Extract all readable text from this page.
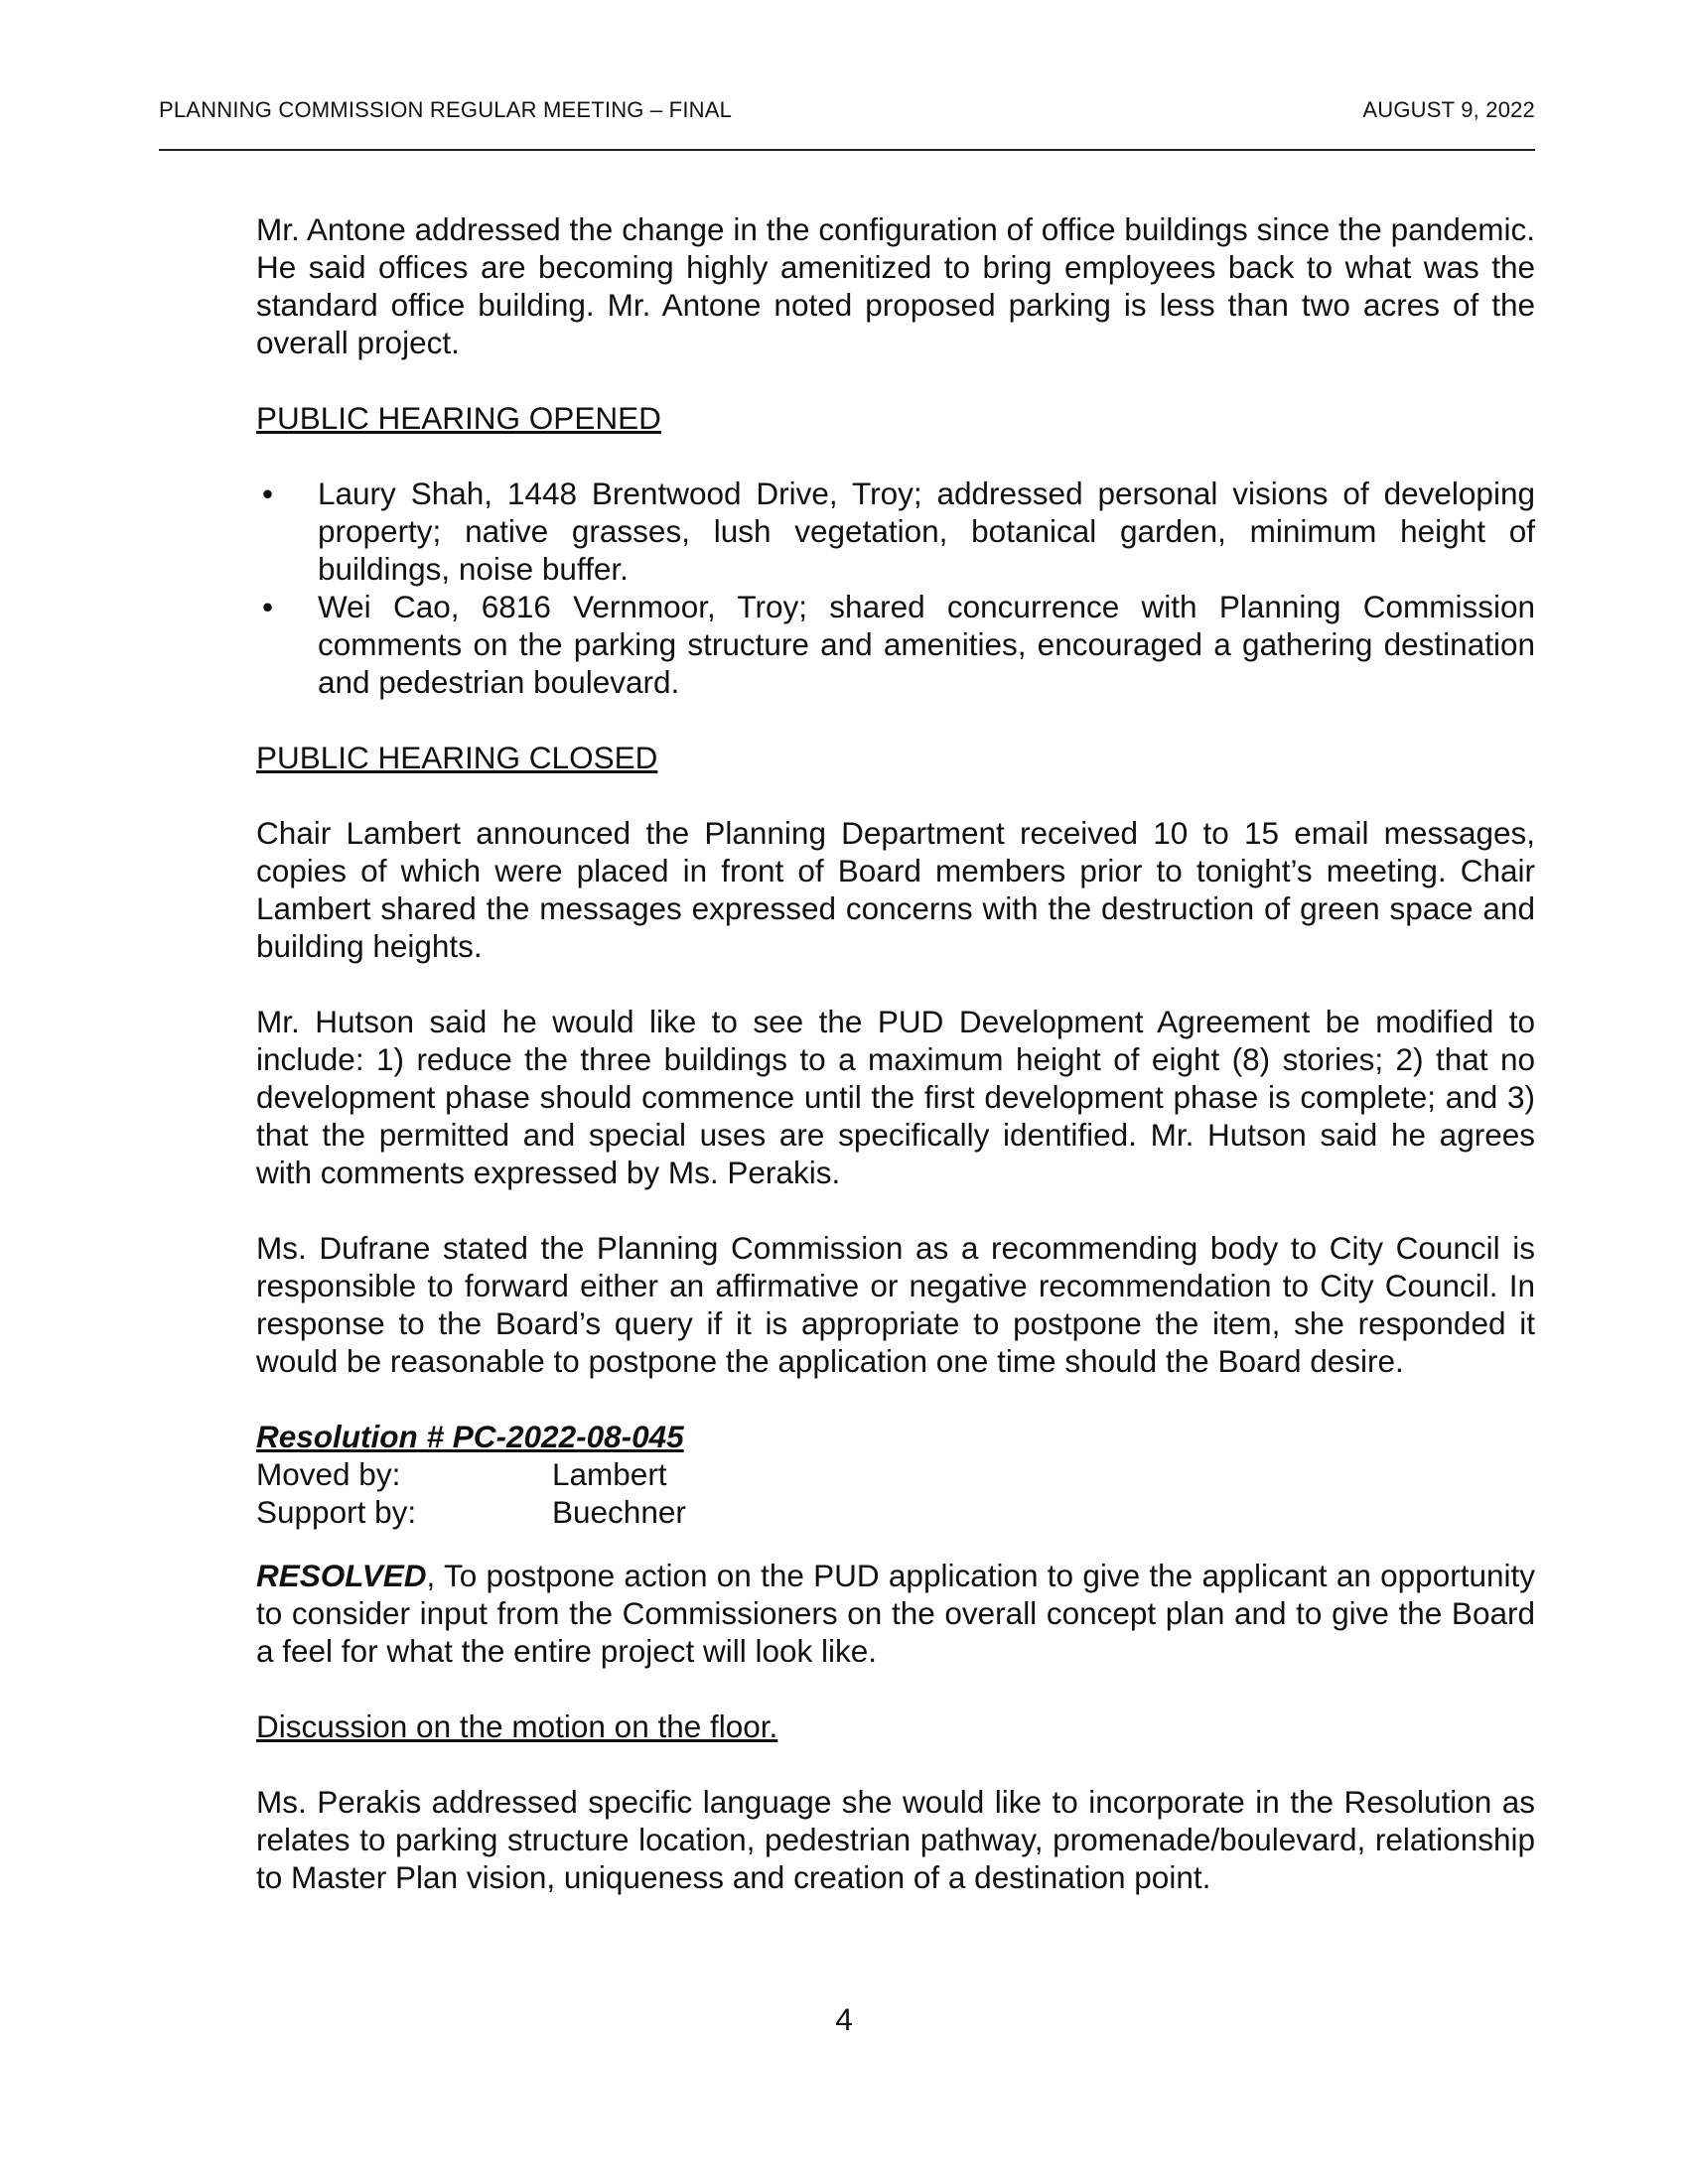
PLANNING COMMISSION REGULAR MEETING – FINAL	AUGUST 9, 2022

Mr. Antone addressed the change in the configuration of office buildings since the pandemic. He said offices are becoming highly amenitized to bring employees back to what was the standard office building. Mr. Antone noted proposed parking is less than two acres of the overall project.

PUBLIC HEARING OPENED

• Laury Shah, 1448 Brentwood Drive, Troy; addressed personal visions of developing property; native grasses, lush vegetation, botanical garden, minimum height of buildings, noise buffer.
• Wei Cao, 6816 Vernmoor, Troy; shared concurrence with Planning Commission comments on the parking structure and amenities, encouraged a gathering destination and pedestrian boulevard.

PUBLIC HEARING CLOSED

Chair Lambert announced the Planning Department received 10 to 15 email messages, copies of which were placed in front of Board members prior to tonight’s meeting. Chair Lambert shared the messages expressed concerns with the destruction of green space and building heights.

Mr. Hutson said he would like to see the PUD Development Agreement be modified to include: 1) reduce the three buildings to a maximum height of eight (8) stories; 2) that no development phase should commence until the first development phase is complete; and 3) that the permitted and special uses are specifically identified. Mr. Hutson said he agrees with comments expressed by Ms. Perakis.

Ms. Dufrane stated the Planning Commission as a recommending body to City Council is responsible to forward either an affirmative or negative recommendation to City Council. In response to the Board’s query if it is appropriate to postpone the item, she responded it would be reasonable to postpone the application one time should the Board desire.

Resolution # PC-2022-08-045
Moved by:	Lambert
Support by:	Buechner

RESOLVED, To postpone action on the PUD application to give the applicant an opportunity to consider input from the Commissioners on the overall concept plan and to give the Board a feel for what the entire project will look like.

Discussion on the motion on the floor.

Ms. Perakis addressed specific language she would like to incorporate in the Resolution as relates to parking structure location, pedestrian pathway, promenade/boulevard, relationship to Master Plan vision, uniqueness and creation of a destination point.

4
